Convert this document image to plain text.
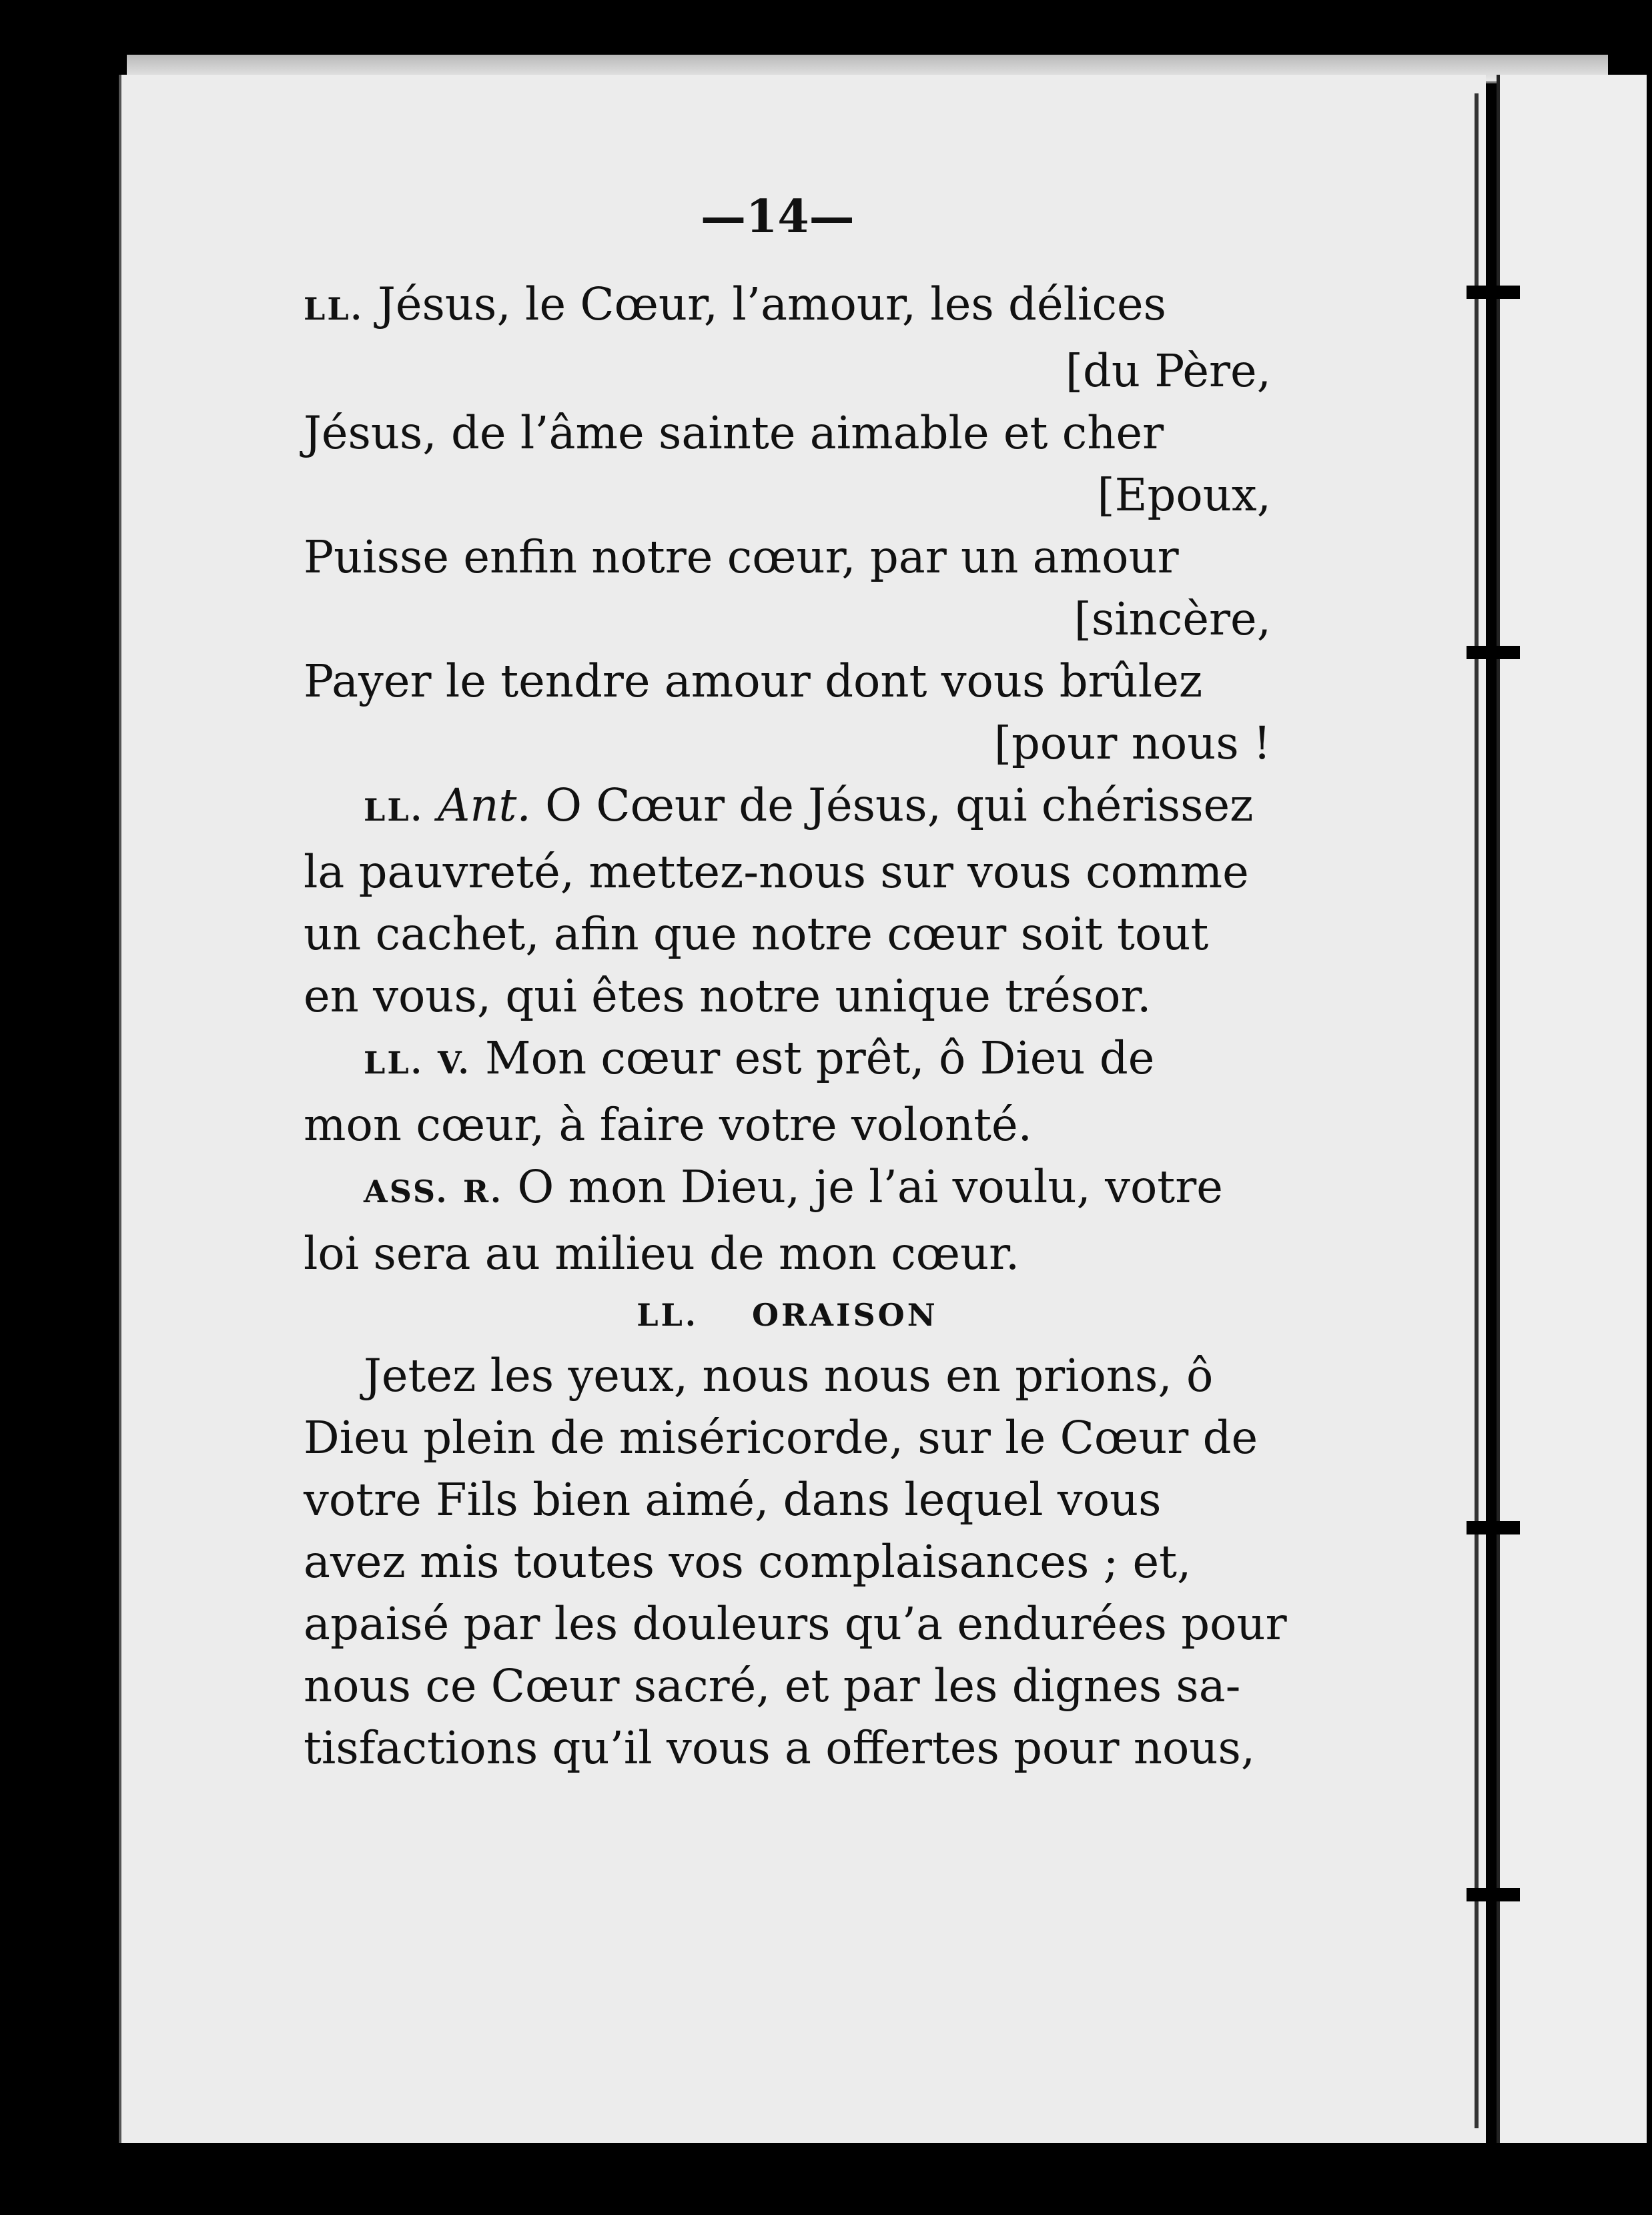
—14—
LL. Jésus, le Cœur, l’amour, les délices
[du Père,
Jésus, de l’âme sainte aimable et cher
[Epoux,
Puisse enfin notre cœur, par un amour
[sincère,
Payer le tendre amour dont vous brûlez
[pour nous !
LL. Ant. O Cœur de Jésus, qui chérissez
la pauvreté, mettez-nous sur vous comme
un cachet, afin que notre cœur soit tout
en vous, qui êtes notre unique trésor.
LL. V. Mon cœur est prêt, ô Dieu de
mon cœur, à faire votre volonté.
ASS. R. O mon Dieu, je l’ai voulu, votre
loi sera au milieu de mon cœur.
LL. ORAISON
Jetez les yeux, nous nous en prions, ô
Dieu plein de miséricorde, sur le Cœur de
votre Fils bien aimé, dans lequel vous
avez mis toutes vos complaisances ; et,
apaisé par les douleurs qu’a endurées pour
nous ce Cœur sacré, et par les dignes sa-
tisfactions qu’il vous a offertes pour nous,
